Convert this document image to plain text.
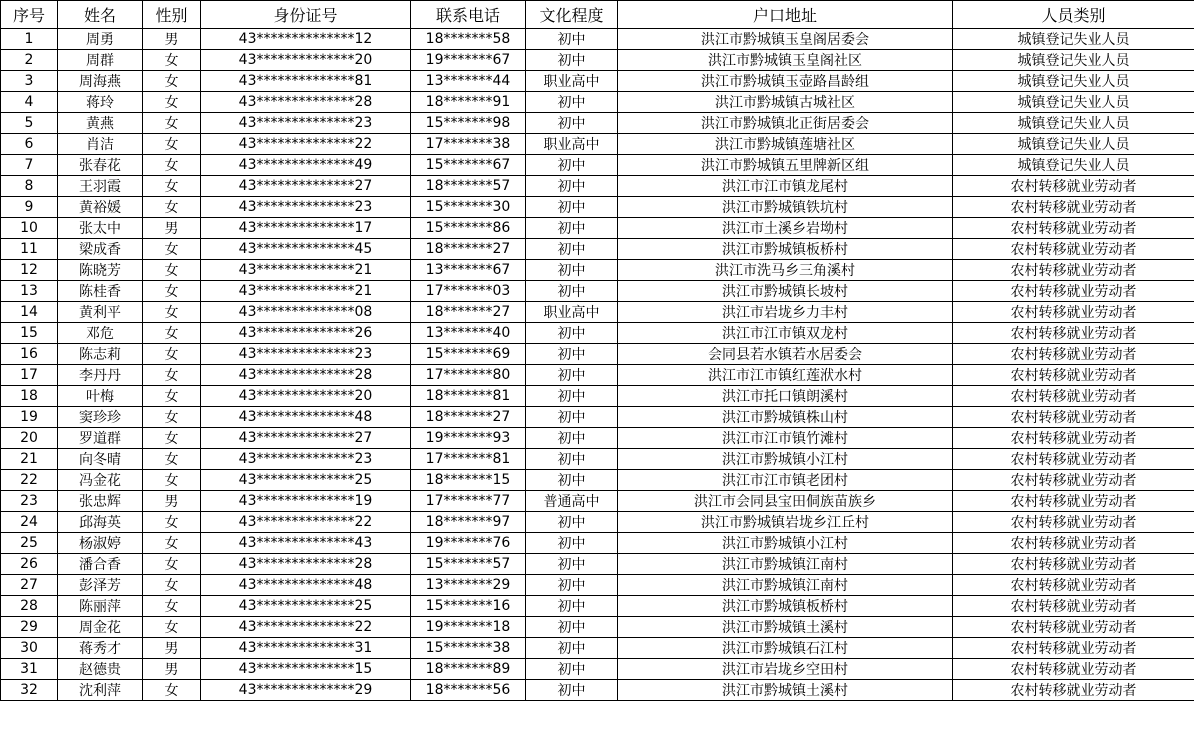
序号	姓名	性别	身份证号	联系电话	文化程度	户口地址	人员类别
1	周勇	男	43**************12	18*******58	初中	洪江市黔城镇玉皇阁居委会	城镇登记失业人员
2	周群	女	43**************20	19*******67	初中	洪江市黔城镇玉皇阁社区	城镇登记失业人员
3	周海燕	女	43**************81	13*******44	职业高中	洪江市黔城镇玉壶路昌龄组	城镇登记失业人员
4	蒋玲	女	43**************28	18*******91	初中	洪江市黔城镇古城社区	城镇登记失业人员
5	黄燕	女	43**************23	15*******98	初中	洪江市黔城镇北正街居委会	城镇登记失业人员
6	肖洁	女	43**************22	17*******38	职业高中	洪江市黔城镇莲塘社区	城镇登记失业人员
7	张春花	女	43**************49	15*******67	初中	洪江市黔城镇五里牌新区组	城镇登记失业人员
8	王羽霞	女	43**************27	18*******57	初中	洪江市江市镇龙尾村	农村转移就业劳动者
9	黄裕媛	女	43**************23	15*******30	初中	洪江市黔城镇铁坑村	农村转移就业劳动者
10	张太中	男	43**************17	15*******86	初中	洪江市土溪乡岩坳村	农村转移就业劳动者
11	梁成香	女	43**************45	18*******27	初中	洪江市黔城镇板桥村	农村转移就业劳动者
12	陈晓芳	女	43**************21	13*******67	初中	洪江市洗马乡三角溪村	农村转移就业劳动者
13	陈桂香	女	43**************21	17*******03	初中	洪江市黔城镇长坡村	农村转移就业劳动者
14	黄利平	女	43**************08	18*******27	职业高中	洪江市岩垅乡力丰村	农村转移就业劳动者
15	邓危	女	43**************26	13*******40	初中	洪江市江市镇双龙村	农村转移就业劳动者
16	陈志莉	女	43**************23	15*******69	初中	会同县若水镇若水居委会	农村转移就业劳动者
17	李丹丹	女	43**************28	17*******80	初中	洪江市江市镇红莲洑水村	农村转移就业劳动者
18	叶梅	女	43**************20	18*******81	初中	洪江市托口镇朗溪村	农村转移就业劳动者
19	窦珍珍	女	43**************48	18*******27	初中	洪江市黔城镇株山村	农村转移就业劳动者
20	罗道群	女	43**************27	19*******93	初中	洪江市江市镇竹滩村	农村转移就业劳动者
21	向冬晴	女	43**************23	17*******81	初中	洪江市黔城镇小江村	农村转移就业劳动者
22	冯金花	女	43**************25	18*******15	初中	洪江市江市镇老团村	农村转移就业劳动者
23	张忠辉	男	43**************19	17*******77	普通高中	洪江市会同县宝田侗族苗族乡	农村转移就业劳动者
24	邱海英	女	43**************22	18*******97	初中	洪江市黔城镇岩垅乡江丘村	农村转移就业劳动者
25	杨淑婷	女	43**************43	19*******76	初中	洪江市黔城镇小江村	农村转移就业劳动者
26	潘合香	女	43**************28	15*******57	初中	洪江市黔城镇江南村	农村转移就业劳动者
27	彭泽芳	女	43**************48	13*******29	初中	洪江市黔城镇江南村	农村转移就业劳动者
28	陈丽萍	女	43**************25	15*******16	初中	洪江市黔城镇板桥村	农村转移就业劳动者
29	周金花	女	43**************22	19*******18	初中	洪江市黔城镇土溪村	农村转移就业劳动者
30	蒋秀才	男	43**************31	15*******38	初中	洪江市黔城镇石江村	农村转移就业劳动者
31	赵德贵	男	43**************15	18*******89	初中	洪江市岩垅乡空田村	农村转移就业劳动者
32	沈利萍	女	43**************29	18*******56	初中	洪江市黔城镇土溪村	农村转移就业劳动者
